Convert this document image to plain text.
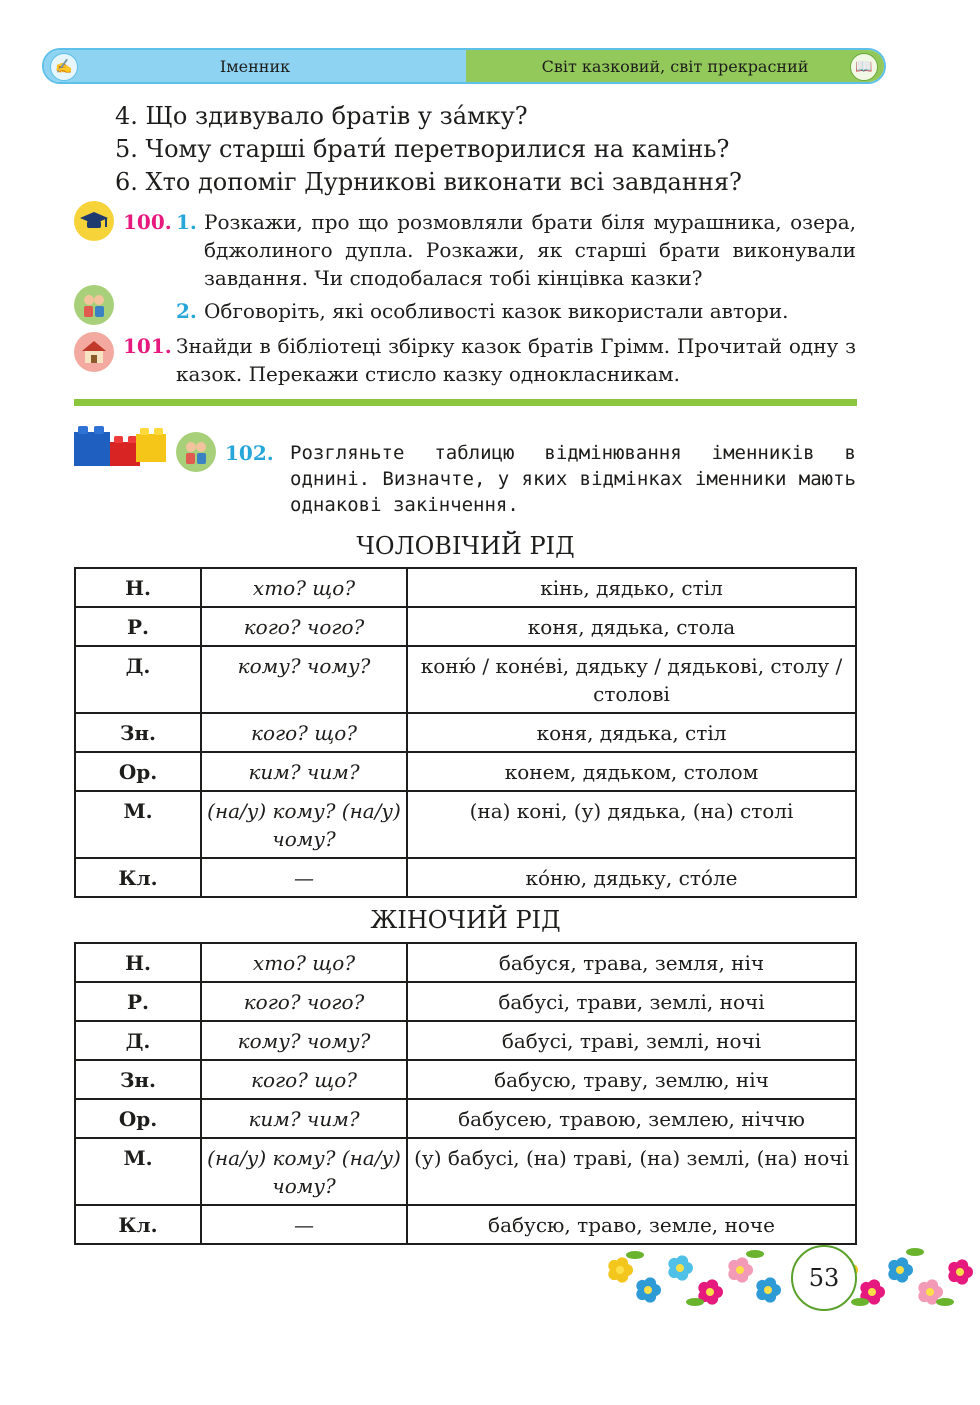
✍	Іменник	Світ казковий, світ прекрасний	📖
4. Що здивувало братів у за́мку?
5. Чому старші брати́ перетворилися на камінь?
6. Хто допоміг Дурникові виконати всі завдання?
100. 1. Розкажи, про що розмовляли брати біля мурашника, озера, бджолиного дупла. Розкажи, як старші брати виконували завдання. Чи сподобалася тобі кінцівка казки?
2. Обговоріть, які особливості казок використали автори.
101. Знайди в бібліотеці збірку казок братів Грімм. Прочитай одну з казок. Перекажи стисло казку однокласникам.
102. Розгляньте таблицю відмінювання іменників в однині. Визначте, у яких відмінках іменники мають однакові закінчення.
ЧОЛОВІЧИЙ РІД
Н.	хто? що?	кінь, дядько, стіл
Р.	кого? чого?	коня, дядька, стола
Д.	кому? чому?	коню́ / коне́ві, дядьку / дядькові, столу / столові
Зн.	кого? що?	коня, дядька, стіл
Ор.	ким? чим?	конем, дядьком, столом
М.	(на/у) кому? (на/у) чому?	(на) коні, (у) дядька, (на) столі
Кл.	—	ко́ню, дядьку, сто́ле
ЖІНОЧИЙ РІД
Н.	хто? що?	бабуся, трава, земля, ніч
Р.	кого? чого?	бабусі, трави, землі, ночі
Д.	кому? чому?	бабусі, траві, землі, ночі
Зн.	кого? що?	бабусю, траву, землю, ніч
Ор.	ким? чим?	бабусею, травою, землею, ніччю
М.	(на/у) кому? (на/у) чому?	(у) бабусі, (на) траві, (на) землі, (на) ночі
Кл.	—	бабусю, траво, земле, ноче
53
